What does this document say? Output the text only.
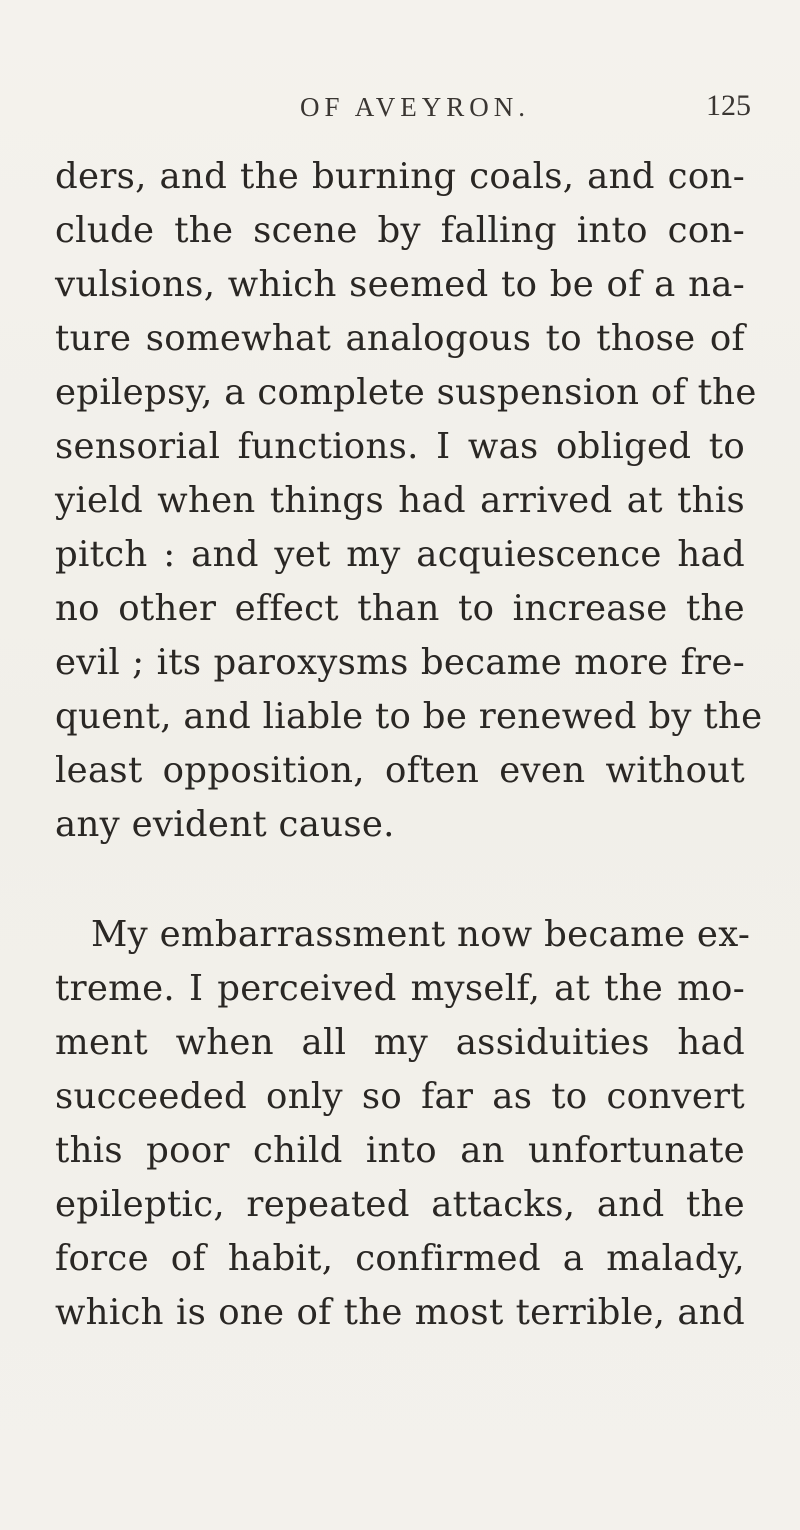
OF AVEYRON.	125
ders, and the burning coals, and con-
clude the scene by falling into con-
vulsions, which seemed to be of a na-
ture somewhat analogous to those of
epilepsy, a complete suspension of the
sensorial functions. I was obliged to
yield when things had arrived at this
pitch : and yet my acquiescence had
no other effect than to increase the
evil ; its paroxysms became more fre-
quent, and liable to be renewed by the
least opposition, often even without
any evident cause.
My embarrassment now became ex-
treme. I perceived myself, at the mo-
ment when all my assiduities had
succeeded only so far as to convert
this poor child into an unfortunate
epileptic, repeated attacks, and the
force of habit, confirmed a malady,
which is one of the most terrible, and
